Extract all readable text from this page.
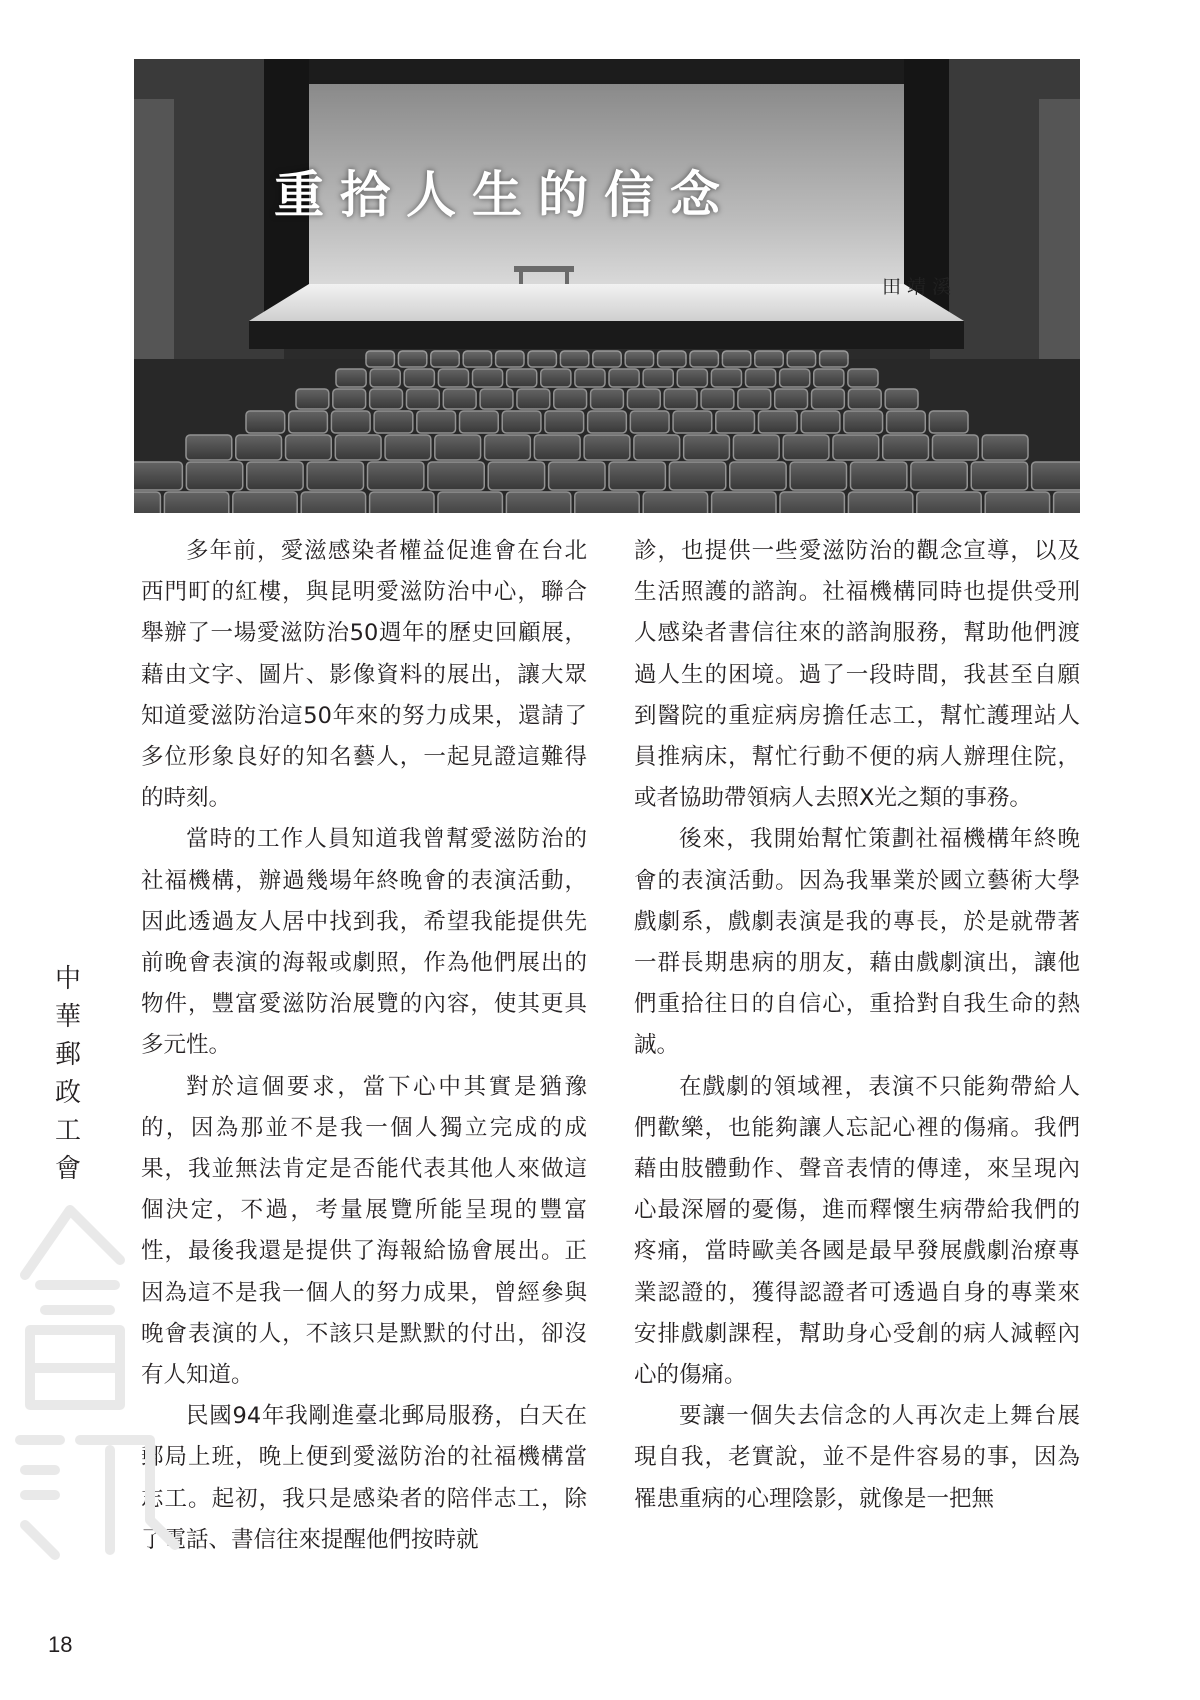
重拾人生的信念
田靖溪

多年前，愛滋感染者權益促進會在台北西門町的紅樓，與昆明愛滋防治中心，聯合舉辦了一場愛滋防治50週年的歷史回顧展，藉由文字、圖片、影像資料的展出，讓大眾知道愛滋防治這50年來的努力成果，還請了多位形象良好的知名藝人，一起見證這難得的時刻。

當時的工作人員知道我曾幫愛滋防治的社福機構，辦過幾場年終晚會的表演活動，因此透過友人居中找到我，希望我能提供先前晚會表演的海報或劇照，作為他們展出的物件，豐富愛滋防治展覽的內容，使其更具多元性。

對於這個要求，當下心中其實是猶豫的，因為那並不是我一個人獨立完成的成果，我並無法肯定是否能代表其他人來做這個決定，不過，考量展覽所能呈現的豐富性，最後我還是提供了海報給協會展出。正因為這不是我一個人的努力成果，曾經參與晚會表演的人，不該只是默默的付出，卻沒有人知道。

民國94年我剛進臺北郵局服務，白天在郵局上班，晚上便到愛滋防治的社福機構當志工。起初，我只是感染者的陪伴志工，除了電話、書信往來提醒他們按時就

診，也提供一些愛滋防治的觀念宣導，以及生活照護的諮詢。社福機構同時也提供受刑人感染者書信往來的諮詢服務，幫助他們渡過人生的困境。過了一段時間，我甚至自願到醫院的重症病房擔任志工，幫忙護理站人員推病床，幫忙行動不便的病人辦理住院，或者協助帶領病人去照X光之類的事務。

後來，我開始幫忙策劃社福機構年終晚會的表演活動。因為我畢業於國立藝術大學戲劇系，戲劇表演是我的專長，於是就帶著一群長期患病的朋友，藉由戲劇演出，讓他們重拾往日的自信心，重拾對自我生命的熱誠。

在戲劇的領域裡，表演不只能夠帶給人們歡樂，也能夠讓人忘記心裡的傷痛。我們藉由肢體動作、聲音表情的傳達，來呈現內心最深層的憂傷，進而釋懷生病帶給我們的疼痛，當時歐美各國是最早發展戲劇治療專業認證的，獲得認證者可透過自身的專業來安排戲劇課程，幫助身心受創的病人減輕內心的傷痛。

要讓一個失去信念的人再次走上舞台展現自我，老實說，並不是件容易的事，因為罹患重病的心理陰影，就像是一把無

中
華
郵
政
工
會
18
